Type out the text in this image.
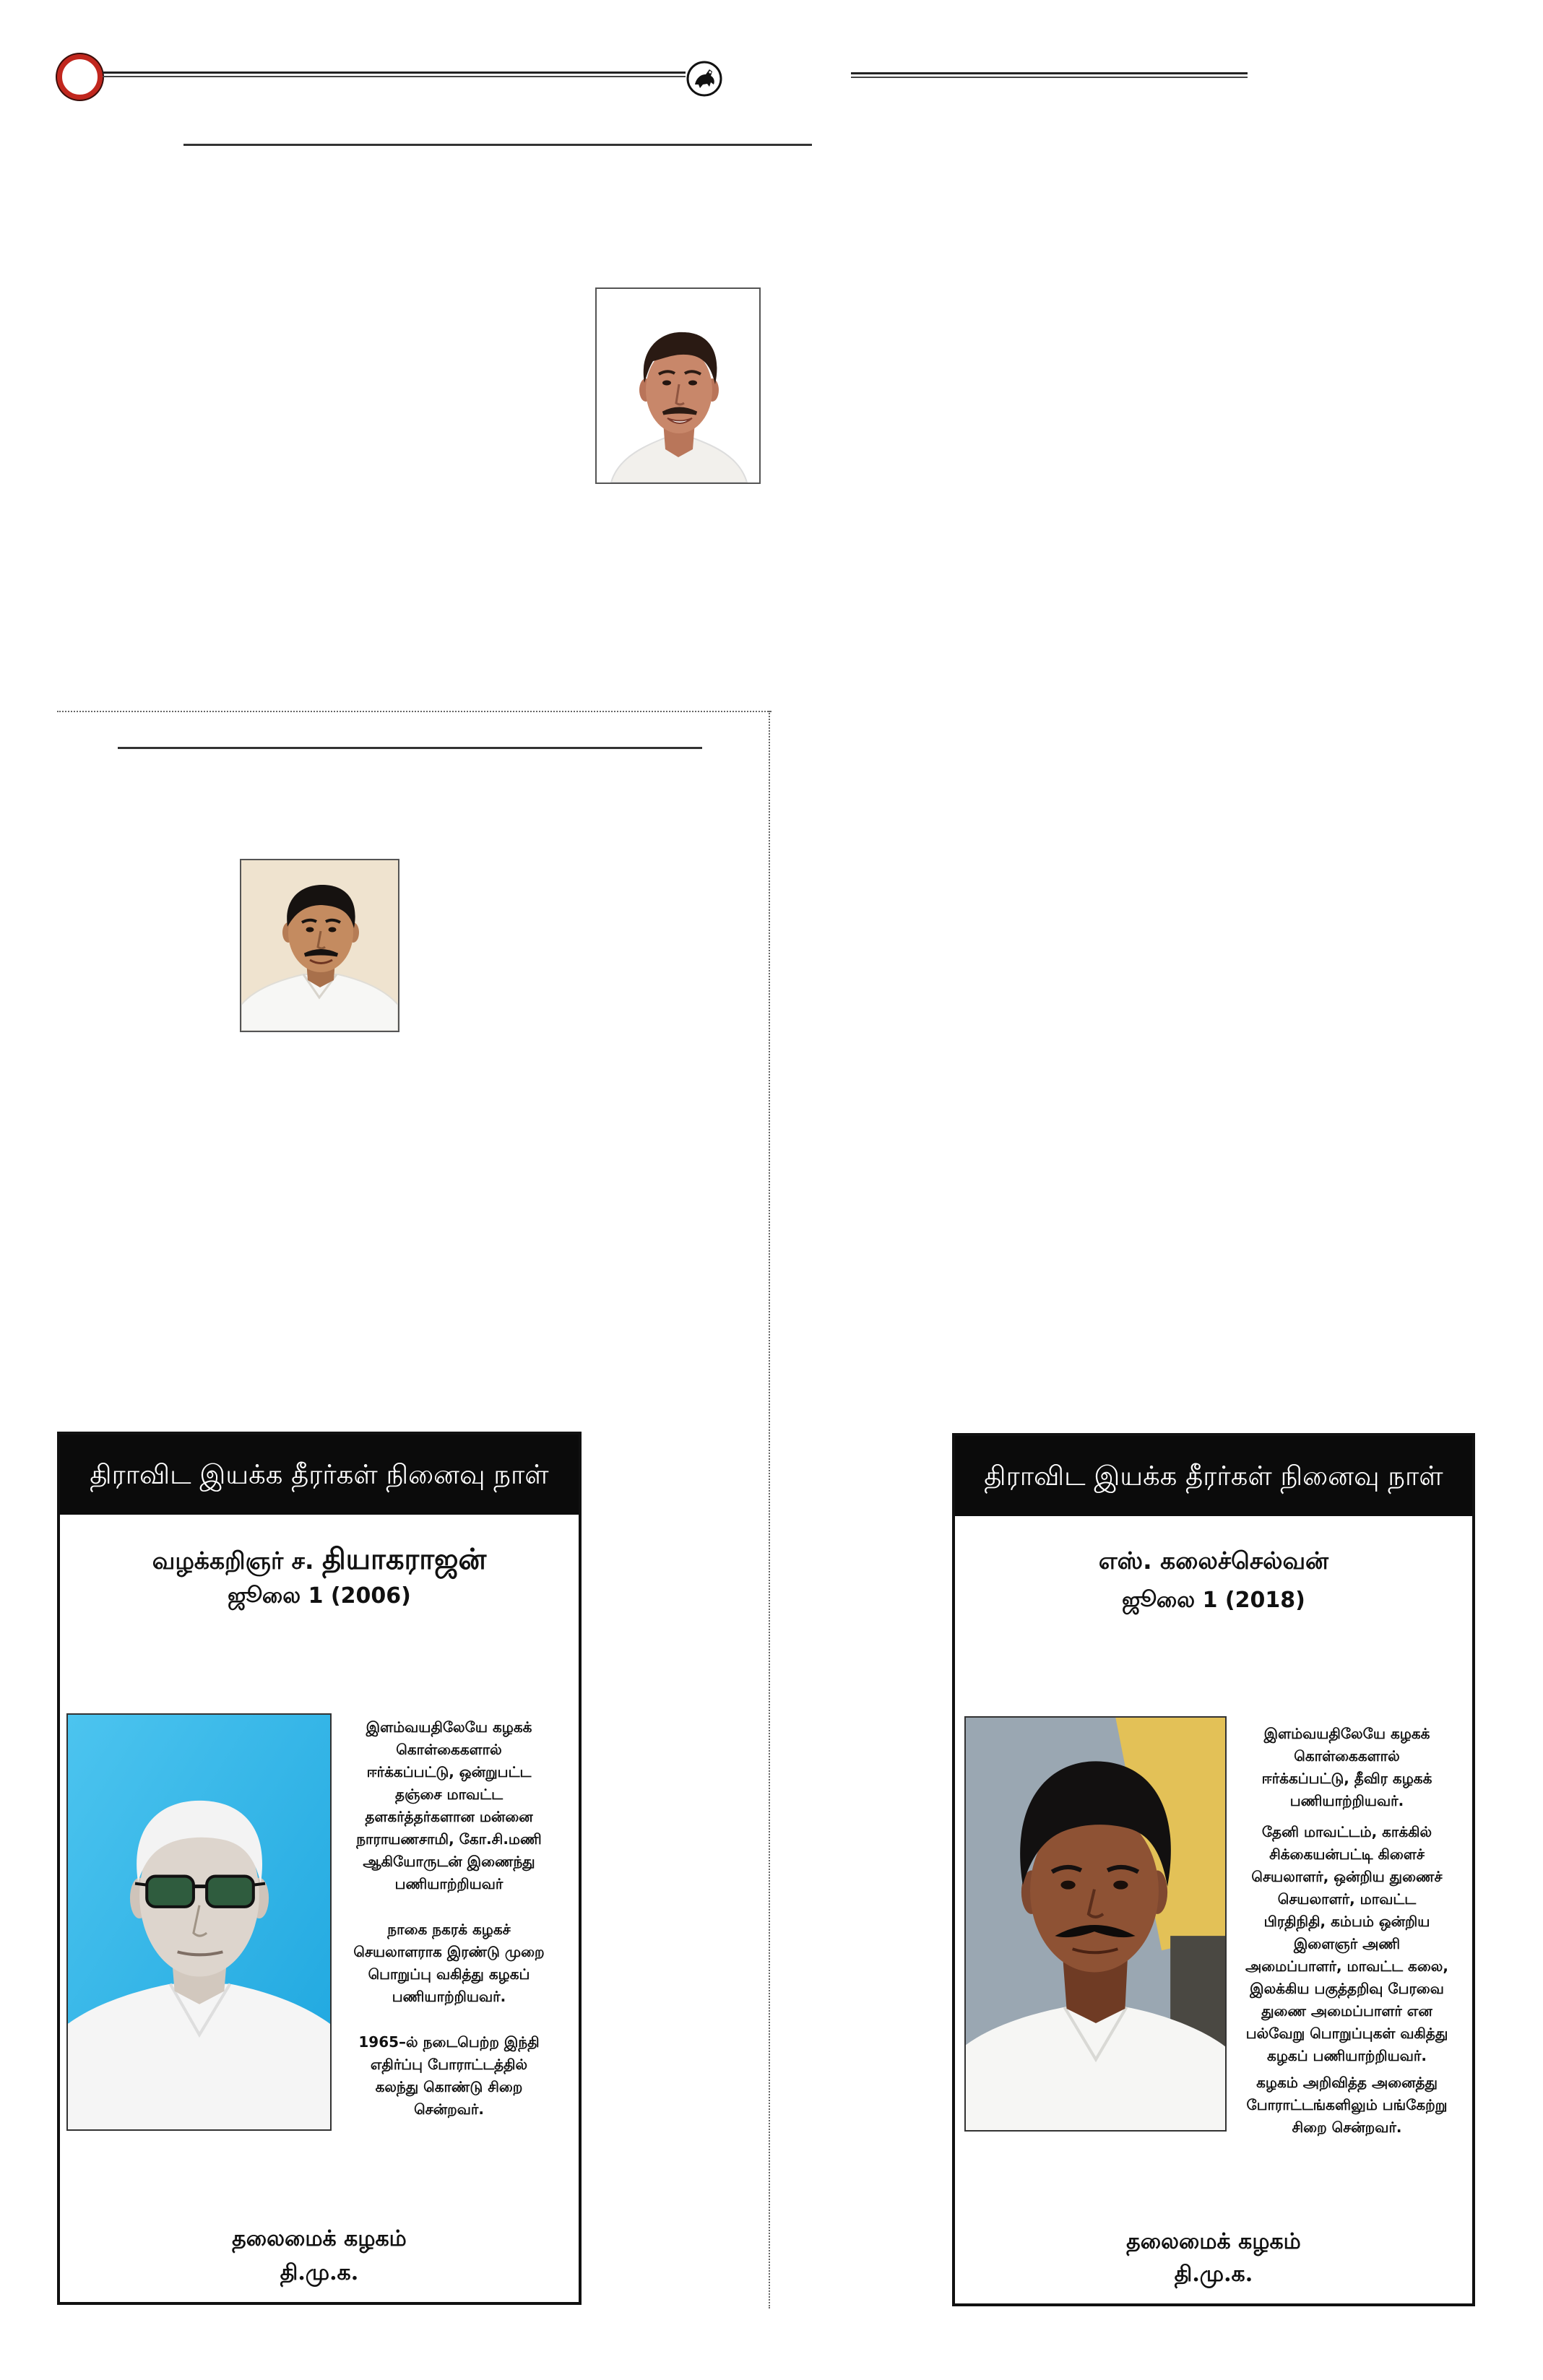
திராவிட இயக்க தீரர்கள் நினைவு நாள்
வழக்கறிஞர் ச. தியாகராஜன்
ஜூலை 1 (2006)

இளம்வயதிலேயே கழகக்
கொள்கைகளால்
ஈர்க்கப்பட்டு, ஒன்றுபட்ட
தஞ்சை மாவட்ட
தளகர்த்தர்களான மன்னை
நாராயணசாமி, கோ.சி.மணி
ஆகியோருடன் இணைந்து
பணியாற்றியவர்

நாகை நகரக் கழகச்
செயலாளராக இரண்டு முறை
பொறுப்பு வகித்து கழகப்
பணியாற்றியவர்.

1965–ல் நடைபெற்ற இந்தி
எதிர்ப்பு போராட்டத்தில்
கலந்து கொண்டு சிறை
சென்றவர்.

தலைமைக் கழகம்
தி.மு.க.
திராவிட இயக்க தீரர்கள் நினைவு நாள்
எஸ். கலைச்செல்வன்
ஜூலை 1 (2018)

இளம்வயதிலேயே கழகக்
கொள்கைகளால்
ஈர்க்கப்பட்டு, தீவிர கழகக்
பணியாற்றியவர்.

தேனி மாவட்டம், காக்கில்
சிக்கையன்பட்டி கிளைச்
செயலாளர், ஒன்றிய துணைச்
செயலாளர், மாவட்ட
பிரதிநிதி, கம்பம் ஒன்றிய
இளைஞர் அணி
அமைப்பாளர், மாவட்ட கலை,
இலக்கிய பகுத்தறிவு பேரவை
துணை அமைப்பாளர் என
பல்வேறு பொறுப்புகள் வகித்து
கழகப் பணியாற்றியவர்.

கழகம் அறிவித்த அனைத்து
போராட்டங்களிலும் பங்கேற்று
சிறை சென்றவர்.

தலைமைக் கழகம்
தி.மு.க.
